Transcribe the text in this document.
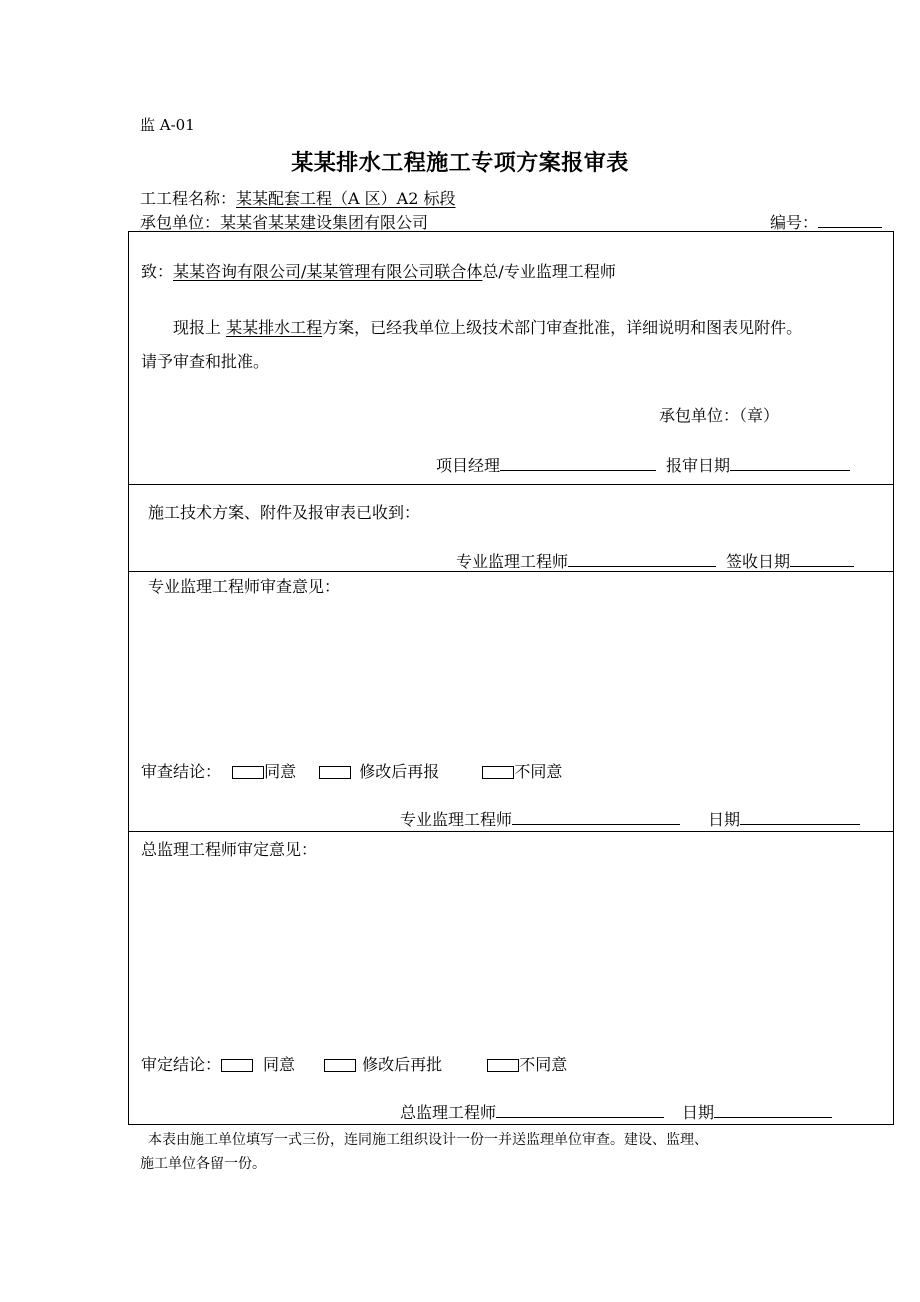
监 A-01
某某排水工程施工专项方案报审表
工工程名称：某某配套工程（A 区）A2 标段
承包单位：某某省某某建设集团有限公司	编号：
致：某某咨询有限公司/某某管理有限公司联合体总/专业监理工程师
现报上 某某排水工程方案，已经我单位上级技术部门审查批准，详细说明和图表见附件。
请予审查和批准。
承包单位：（章）
项目经理	报审日期
施工技术方案、附件及报审表已收到：
专业监理工程师	签收日期
专业监理工程师审查意见：
审查结论：	同意	修改后再报	不同意
专业监理工程师	日期
总监理工程师审定意见：
审定结论：	同意	修改后再批	不同意
总监理工程师	日期
本表由施工单位填写一式三份，连同施工组织设计一份一并送监理单位审查。建设、监理、
施工单位各留一份。
